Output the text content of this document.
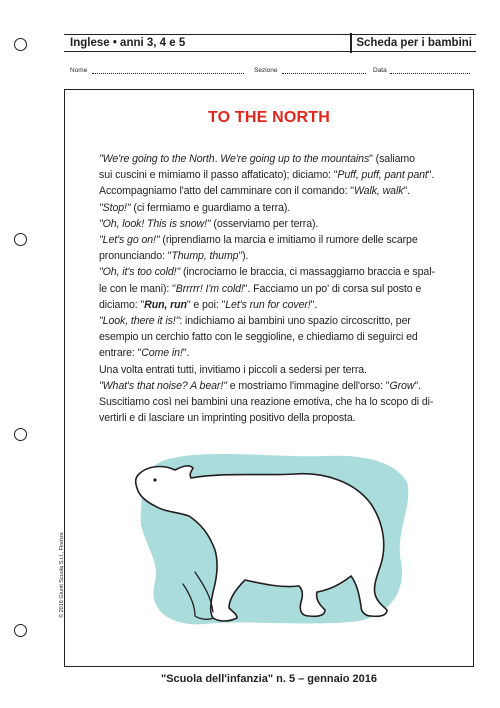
Inglese • anni 3, 4 e 5	Scheda per i bambini
Nome	Sezione	Data
TO THE NORTH

"We're going to the North. We're going up to the mountains" (saliamo

sui cuscini e mimiamo il passo affaticato); diciamo: "Puff, puff, pant pant".

Accompagniamo l'atto del camminare con il comando: "Walk, walk".

"Stop!" (ci fermiamo e guardiamo a terra).

"Oh, look! This is snow!" (osserviamo per terra).

"Let's go on!" (riprendiamo la marcia e imitiamo il rumore delle scarpe

pronunciando: "Thump, thump").

"Oh, it's too cold!" (incrociamo le braccia, ci massaggiamo braccia e spal-

le con le mani): "Brrrrr! I'm cold!". Facciamo un po' di corsa sul posto e

diciamo: "Run, run" e poi: "Let's run for cover!".

"Look, there it is!": indichiamo ai bambini uno spazio circoscritto, per

esempio un cerchio fatto con le seggioline, e chiediamo di seguirci ed

entrare: "Come in!".

Una volta entrati tutti, invitiamo i piccoli a sedersi per terra.

"What's that noise? A bear!" e mostriamo l'immagine dell'orso: "Grow".

Suscitiamo così nei bambini una reazione emotiva, che ha lo scopo di di-

vertirli e di lasciare un imprinting positivo della proposta.

© 2016 Giunti Scuola S.r.l., Firenze
"Scuola dell'infanzia" n. 5 – gennaio 2016
